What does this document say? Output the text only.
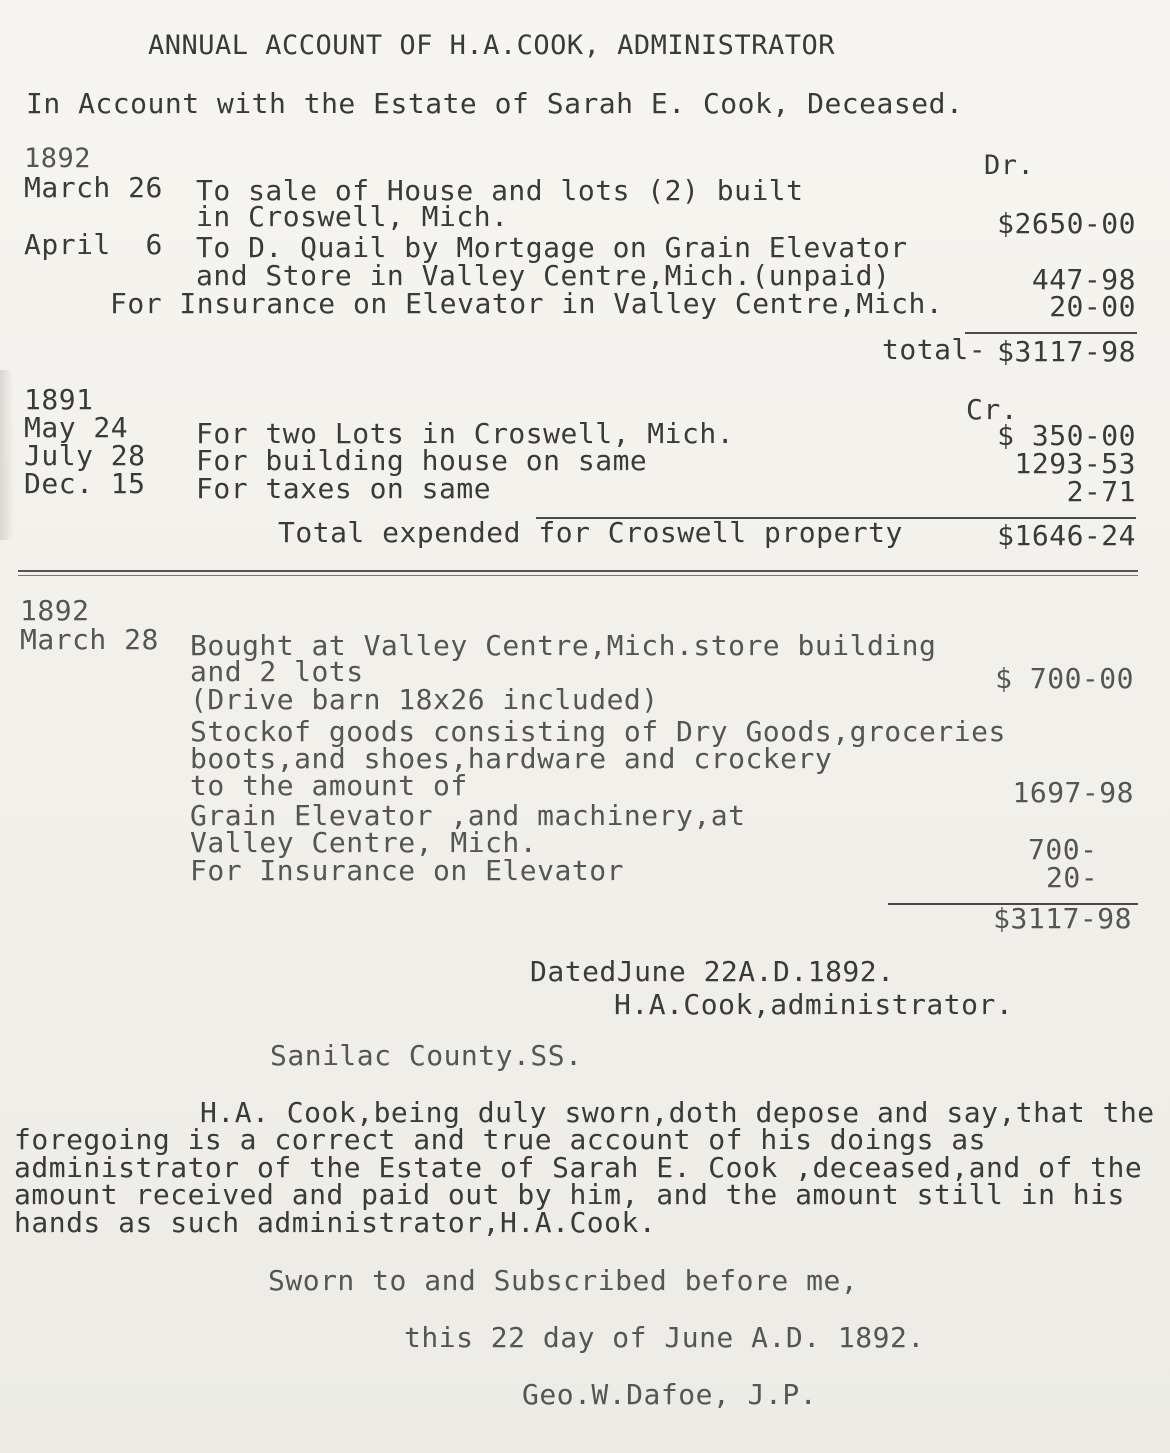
ANNUAL ACCOUNT OF H.A.COOK, ADMINISTRATOR
In Account with the Estate of Sarah E. Cook, Deceased.
1892	Dr.
March 26 To sale of House and lots (2) built
in Croswell, Mich.	$2650-00
April  6 To D. Quail by Mortgage on Grain Elevator
and Store in Valley Centre,Mich.(unpaid)	447-98
For Insurance on Elevator in Valley Centre,Mich.	20-00
total- $3117-98
1891	Cr.
May 24 For two Lots in Croswell, Mich.	$ 350-00
July 28 For building house on same	1293-53
Dec. 15 For taxes on same	2-71
Total expended for Croswell property	$1646-24
1892
March 28 Bought at Valley Centre,Mich.store building
and 2 lots	$ 700-00
(Drive barn 18x26 included)
Stockof goods consisting of Dry Goods,groceries
boots,and shoes,hardware and crockery
to the amount of	1697-98
Grain Elevator ,and machinery,at
Valley Centre, Mich.	700-
For Insurance on Elevator	20-
$3117-98
DatedJune 22A.D.1892.
H.A.Cook,administrator.
Sanilac County.SS.
H.A. Cook,being duly sworn,doth depose and say,that the
foregoing is a correct and true account of his doings as
administrator of the Estate of Sarah E. Cook ,deceased,and of the
amount received and paid out by him, and the amount still in his
hands as such administrator,H.A.Cook.
Sworn to and Subscribed before me,
this 22 day of June A.D. 1892.
Geo.W.Dafoe, J.P.
